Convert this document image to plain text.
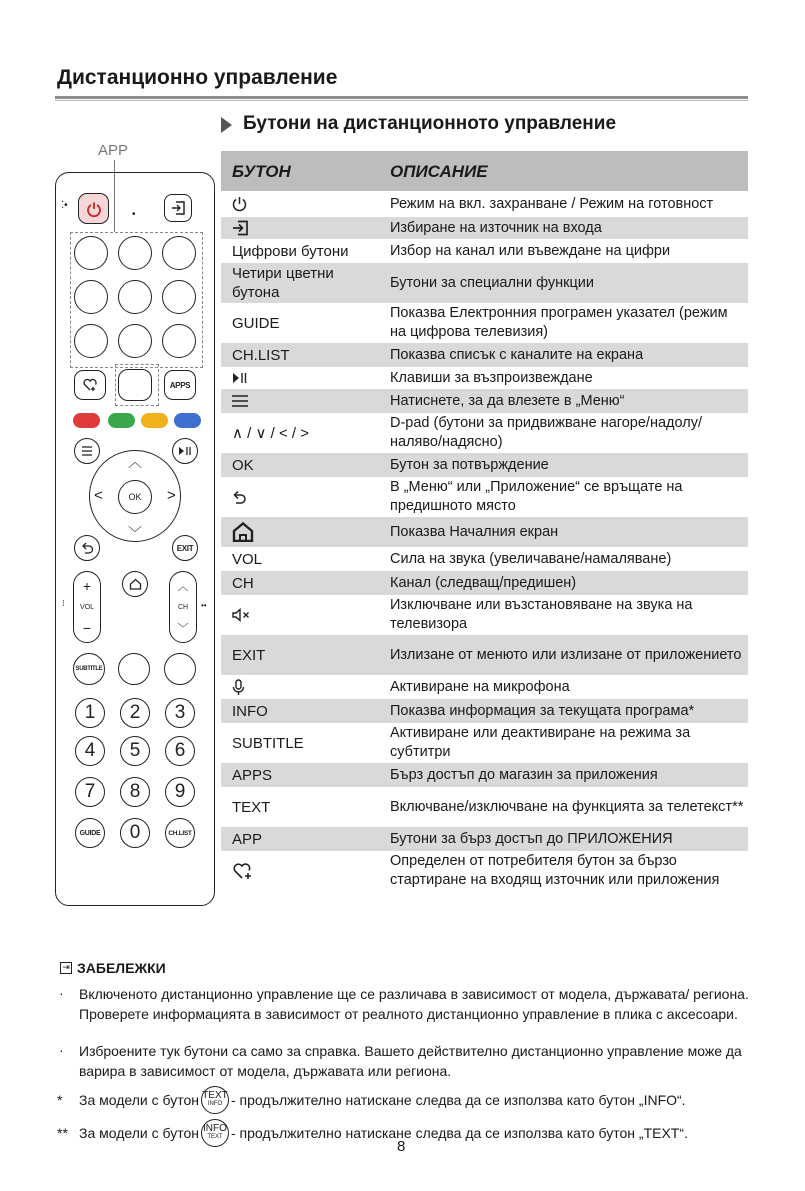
Дистанционно управление
Бутони на дистанционното управление
APP
⁚•
•
APPS
OK
︿
﹀
<	>
EXIT
+
VOL
−
︿
CH
﹀
⁝	••
SUBTITLE
1	2	3
4	5	6
7	8	9
GUIDE	0	CH.LIST
БУТОН	ОПИСАНИЕ
Режим на вкл. захранване / Режим на готовност
Избиране на източник на входа
Цифрови бутони	Избор на канал или въвеждане на цифри
Четири цветни бутона
Бутони за специални функции
GUIDE
Показва Електронния програмен указател (режим на цифрова телевизия)
CH.LIST	Показва списък с каналите на екрана
Клавиши за възпроизвеждане
Натиснете, за да влезете в „Меню“
∧ / ∨ / < / >
D-pad (бутони за придвижване нагоре/надолу/ наляво/надясно)
OK	Бутон за потвърждение
В „Меню“ или „Приложение“ се връщате на предишното място
Показва Началния екран
VOL	Сила на звука (увеличаване/намаляване)
CH	Канал (следващ/предишен)
Изключване или възстановяване на звука на телевизора
EXIT	Излизане от менюто или излизане от приложението
Активиране на микрофона
INFO	Показва информация за текущата програма*
SUBTITLE
Активиране или деактивиране на режима за субтитри
APPS	Бърз достъп до магазин за приложения
TEXT	Включване/изключване на функцията за телетекст**
APP	Бутони за бърз достъп до ПРИЛОЖЕНИЯ
Определен от потребителя бутон за бързо стартиране на входящ източник или приложения
⇥ ЗАБЕЛЕЖКИ
· Включеното дистанционно управление ще се различава в зависимост от модела, държавата/ региона. Проверете информацията в зависимост от реалното дистанционно управление в плика с аксесоари.
· Изброените тук бутони са само за справка. Вашето действително дистанционно управление може да варира в зависимост от модела, държавата или региона.
*	За модели с бутон TEXT
INFO - продължително натискане следва да се използва като бутон „INFO“.
** За модели с бутон INFO
TEXT - продължително натискане следва да се използва като бутон „TEXT“.
8
